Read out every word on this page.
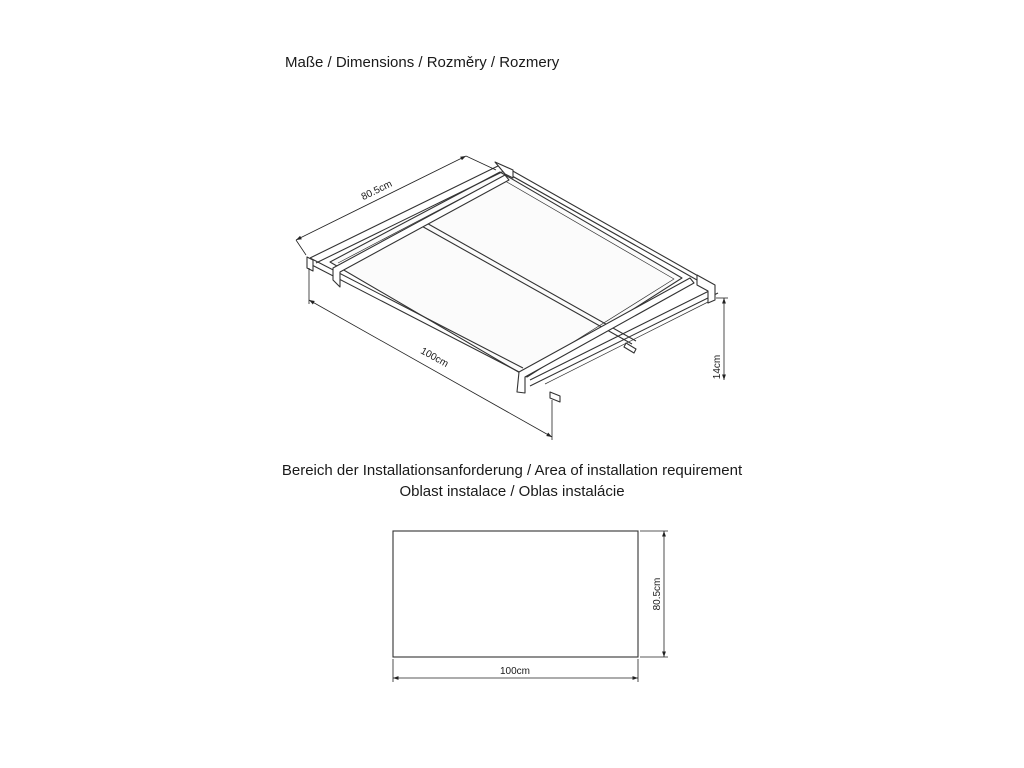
Maße / Dimensions / Rozměry / Rozmery
Bereich der Installationsanforderung / Area of installation requirement
Oblast instalace / Oblas instalácie
80.5cm
100cm	14cm
80.5cm
100cm
